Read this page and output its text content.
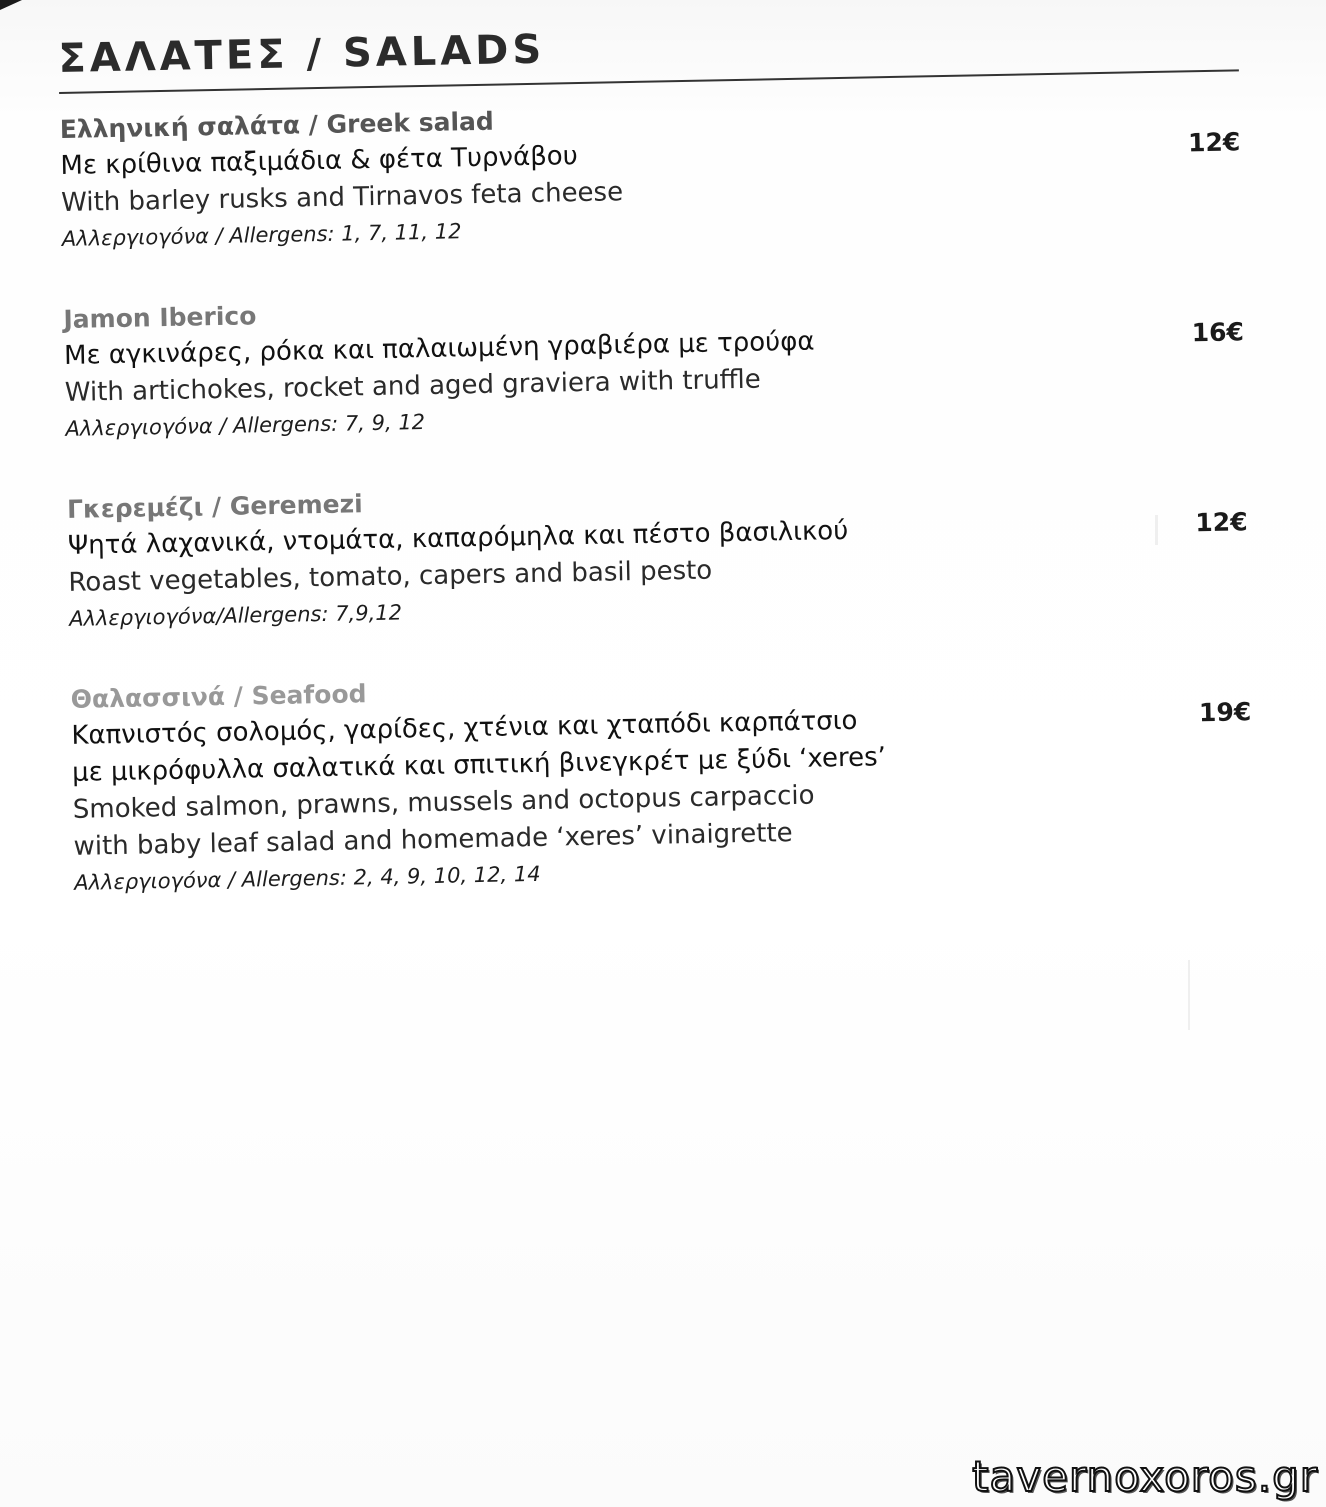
ΣΑΛΑΤΕΣ / SALADS
Ελληνική σαλάτα / Greek salad
Με κρίθινα παξιμάδια & φέτα Τυρνάβου
With barley rusks and Tirnavos feta cheese
Αλλεργιογόνα / Allergens: 1, 7, 11, 12
12€
Jamon Iberico
Με αγκινάρες, ρόκα και παλαιωμένη γραβιέρα με τρούφα
With artichokes, rocket and aged graviera with truffle
Αλλεργιογόνα / Allergens: 7, 9, 12
16€
Γκερεμέζι / Geremezi
Ψητά λαχανικά, ντομάτα, καπαρόμηλα και πέστο βασιλικού
Roast vegetables, tomato, capers and basil pesto
Αλλεργιογόνα/Allergens: 7,9,12
12€
Θαλασσινά / Seafood
Καπνιστός σολομός, γαρίδες, χτένια και χταπόδι καρπάτσιο
με μικρόφυλλα σαλατικά και σπιτική βινεγκρέτ με ξύδι ‘xeres’
Smoked salmon, prawns, mussels and octopus carpaccio
with baby leaf salad and homemade ‘xeres’ vinaigrette
Αλλεργιογόνα / Allergens: 2, 4, 9, 10, 12, 14
19€
tavernoxoros.gr
